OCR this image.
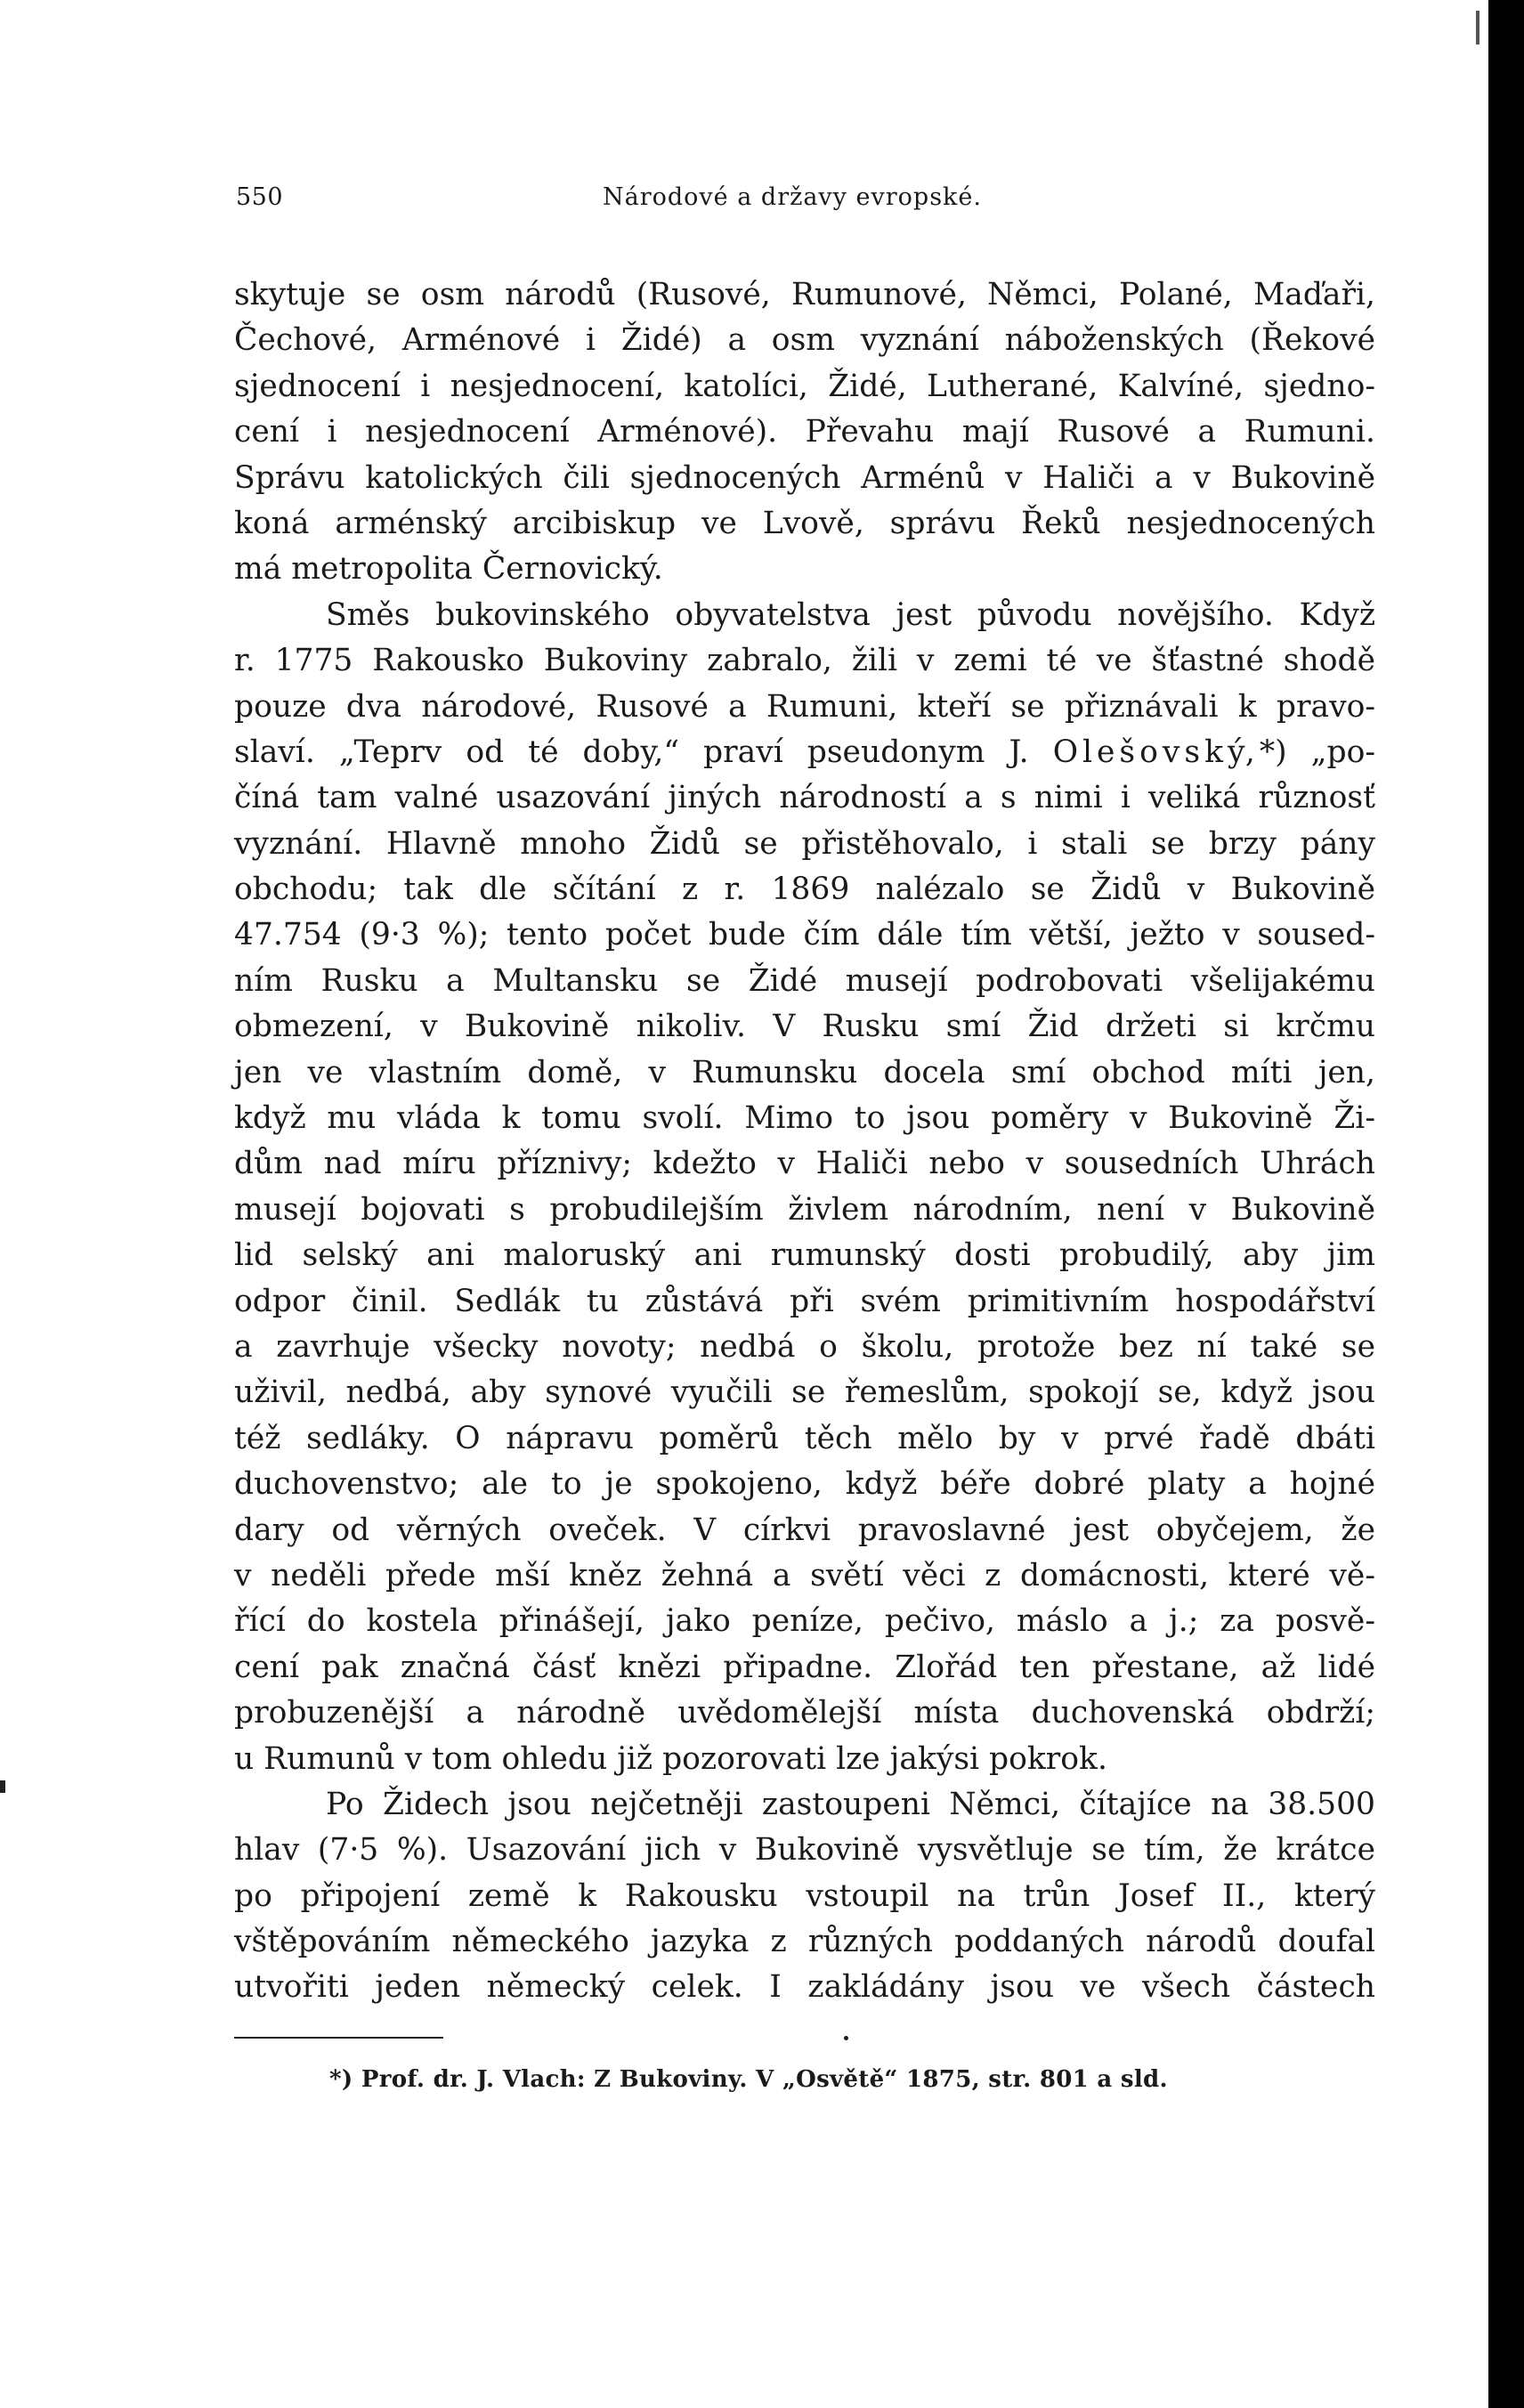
550	Národové a državy evropské.
skytuje se osm národů (Rusové, Rumunové, Němci, Polané, Maďaři,
Čechové, Arménové i Židé) a osm vyznání náboženských (Řekové
sjednocení i nesjednocení, katolíci, Židé, Lutherané, Kalvíné, sjedno-
cení i nesjednocení Arménové). Převahu mají Rusové a Rumuni.
Správu katolických čili sjednocených Arménů v Haliči a v Bukovině
koná arménský arcibiskup ve Lvově, správu Řeků nesjednocených
má metropolita Černovický.
Směs bukovinského obyvatelstva jest původu novějšího. Když
r. 1775 Rakousko Bukoviny zabralo, žili v zemi té ve šťastné shodě
pouze dva národové, Rusové a Rumuni, kteří se přiznávali k pravo-
slaví. „Teprv od té doby,“ praví pseudonym J. Olešovský,*) „po-
číná tam valné usazování jiných národností a s nimi i veliká různosť
vyznání. Hlavně mnoho Židů se přistěhovalo, i stali se brzy pány
obchodu; tak dle sčítání z r. 1869 nalézalo se Židů v Bukovině
47.754 (9·3 %); tento počet bude čím dále tím větší, ježto v soused-
ním Rusku a Multansku se Židé musejí podrobovati všelijakému
obmezení, v Bukovině nikoliv. V Rusku smí Žid držeti si krčmu
jen ve vlastním domě, v Rumunsku docela smí obchod míti jen,
když mu vláda k tomu svolí. Mimo to jsou poměry v Bukovině Ži-
dům nad míru příznivy; kdežto v Haliči nebo v sousedních Uhrách
musejí bojovati s probudilejším živlem národním, není v Bukovině
lid selský ani maloruský ani rumunský dosti probudilý, aby jim
odpor činil. Sedlák tu zůstává při svém primitivním hospodářství
a zavrhuje všecky novoty; nedbá o školu, protože bez ní také se
uživil, nedbá, aby synové vyučili se řemeslům, spokojí se, když jsou
též sedláky. O nápravu poměrů těch mělo by v prvé řadě dbáti
duchovenstvo; ale to je spokojeno, když béře dobré platy a hojné
dary od věrných oveček. V církvi pravoslavné jest obyčejem, že
v neděli přede mší kněz žehná a světí věci z domácnosti, které vě-
řící do kostela přinášejí, jako peníze, pečivo, máslo a j.; za posvě-
cení pak značná čásť knězi připadne. Zlořád ten přestane, až lidé
probuzenější a národně uvědomělejší místa duchovenská obdrží;
u Rumunů v tom ohledu již pozorovati lze jakýsi pokrok.
Po Židech jsou nejčetněji zastoupeni Němci, čítajíce na 38.500
hlav (7·5 %). Usazování jich v Bukovině vysvětluje se tím, že krátce
po připojení země k Rakousku vstoupil na trůn Josef II., který
vštěpováním německého jazyka z různých poddaných národů doufal
utvořiti jeden německý celek. I zakládány jsou ve všech částech
*) Prof. dr. J. Vlach: Z Bukoviny. V „Osvětě“ 1875, str. 801 a sld.
